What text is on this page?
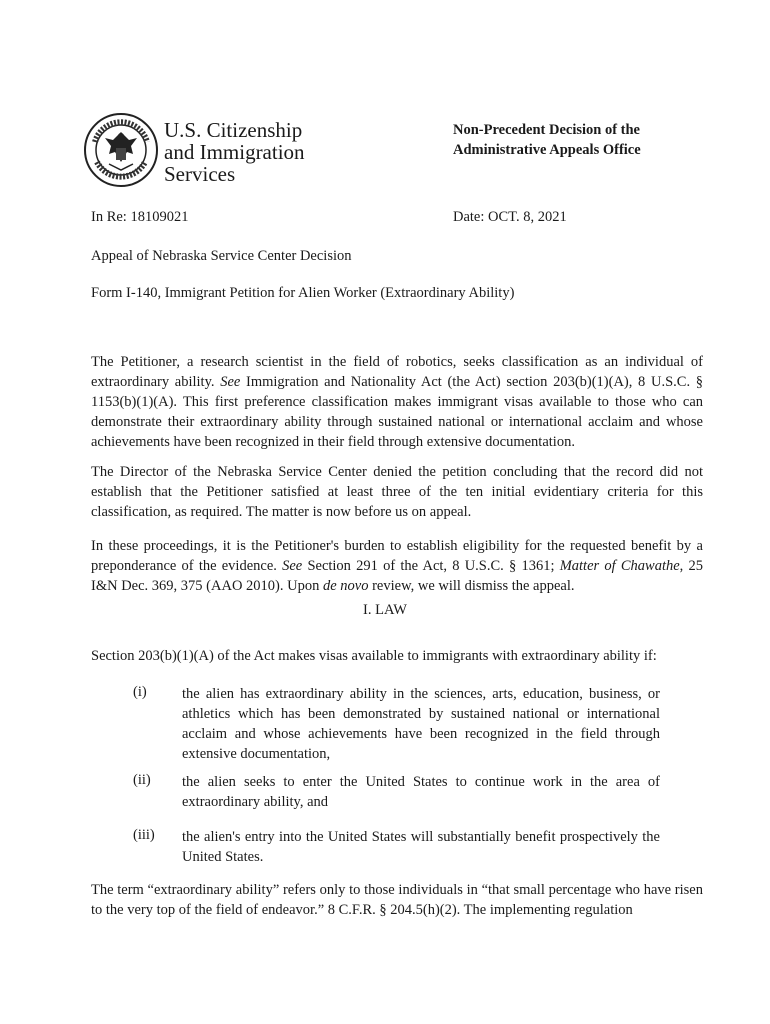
U.S. Citizenship
and Immigration
Services
Non-Precedent Decision of the
Administrative Appeals Office
In Re: 18109021	Date: OCT. 8, 2021
Appeal of Nebraska Service Center Decision
Form I-140, Immigrant Petition for Alien Worker (Extraordinary Ability)
The Petitioner, a research scientist in the field of robotics, seeks classification as an individual of extraordinary ability. See Immigration and Nationality Act (the Act) section 203(b)(1)(A), 8 U.S.C. § 1153(b)(1)(A). This first preference classification makes immigrant visas available to those who can demonstrate their extraordinary ability through sustained national or international acclaim and whose achievements have been recognized in their field through extensive documentation.
The Director of the Nebraska Service Center denied the petition concluding that the record did not establish that the Petitioner satisfied at least three of the ten initial evidentiary criteria for this classification, as required. The matter is now before us on appeal.
In these proceedings, it is the Petitioner's burden to establish eligibility for the requested benefit by a preponderance of the evidence. See Section 291 of the Act, 8 U.S.C. § 1361; Matter of Chawathe, 25 I&N Dec. 369, 375 (AAO 2010). Upon de novo review, we will dismiss the appeal.
I. LAW
Section 203(b)(1)(A) of the Act makes visas available to immigrants with extraordinary ability if:
(i) the alien has extraordinary ability in the sciences, arts, education, business, or athletics which has been demonstrated by sustained national or international acclaim and whose achievements have been recognized in the field through extensive documentation,
(ii) the alien seeks to enter the United States to continue work in the area of extraordinary ability, and
(iii) the alien's entry into the United States will substantially benefit prospectively the United States.
The term “extraordinary ability” refers only to those individuals in “that small percentage who have risen to the very top of the field of endeavor.” 8 C.F.R. § 204.5(h)(2). The implementing regulation
